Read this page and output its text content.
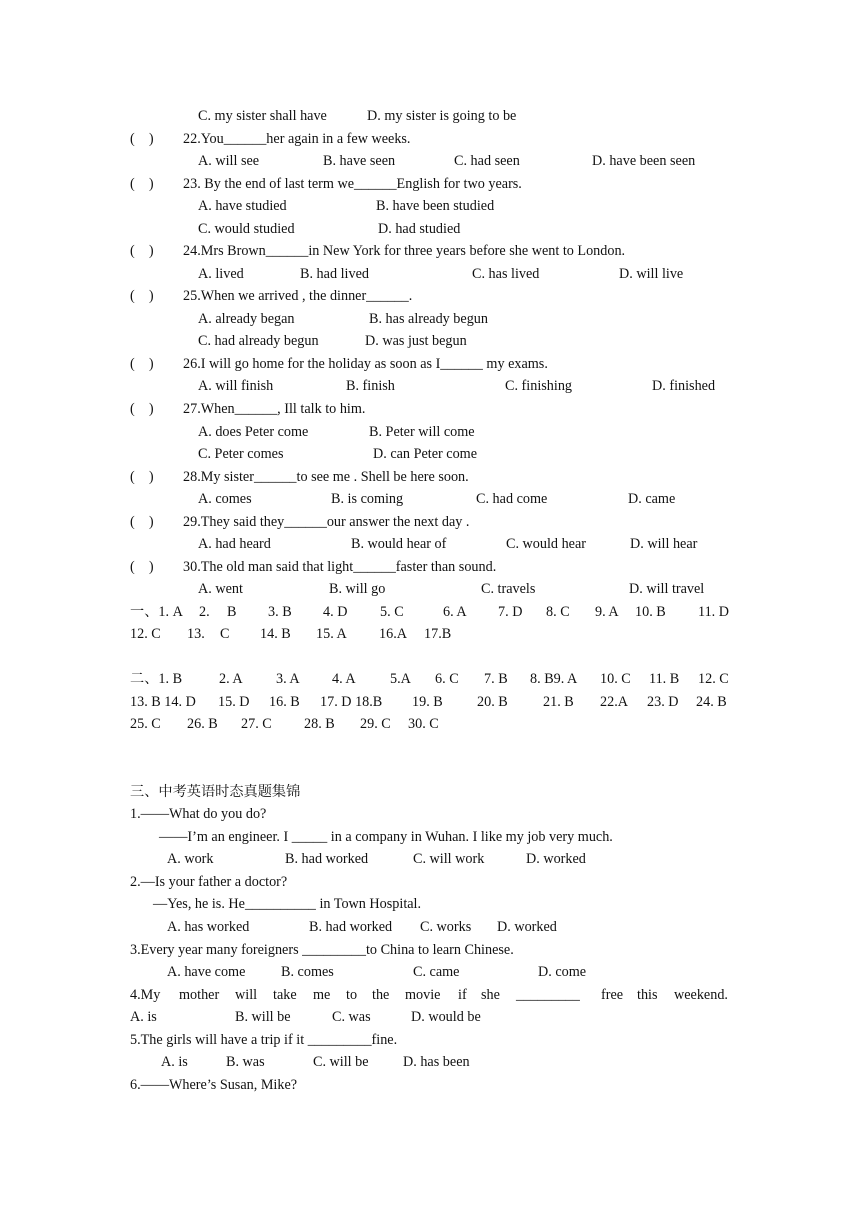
C. my sister shall have	D. my sister is going to be
(    ) 22.You______her again in a few weeks.
A. will see	B. have seen	C. had seen	D. have been seen
(    ) 23. By the end of last term we______English for two years.
A. have studied	B. have been studied
C. would studied	D. had studied
(    ) 24.Mrs Brown______in New York for three years before she went to London.
A. lived	B. had lived	C. has lived	D. will live
(    ) 25.When we arrived , the dinner______.
A. already began	B. has already begun
C. had already begun	D. was just begun
(    ) 26.I will go home for the holiday as soon as I______ my exams.
A. will finish	B. finish	C. finishing	D. finished
(    ) 27.When______, Ill talk to him.
A. does Peter come	B. Peter will come
C. Peter comes	D. can Peter come
(    ) 28.My sister______to see me . Shell be here soon.
A. comes	B. is coming	C. had come	D. came
(    ) 29.They said they______our answer the next day .
A. had heard	B. would hear of	C. would hear	D. will hear
(    ) 30.The old man said that light______faster than sound.
A. went	B. will go	C. travels	D. will travel
一、1. A 2. B 3. B 4. D 5. C	6. A 7. D 8. C 9. A 10. B 11. D
12. C 13. C 14. B 15. A 16.A 17.B
二、1. B	2. A 3. A 4. A 5.A 6. C 7. B 8. B9. A 10. C 11. B 12. C
13. B 14. D 15. D 16. B 17. D 18.B 19. B 20. B 21. B 22.A 23. D 24. B
25. C 26. B 27. C 28. B 29. C 30. C
三、中考英语时态真题集锦
1.——What do you do?
——I’m an engineer. I _____ in a company in Wuhan. I like my job very much.
A. work	B. had worked	C. will work	D. worked
2.—Is your father a doctor?
—Yes, he is. He__________ in Town Hospital.
A. has worked	B. had worked C. works D. worked
3.Every year many foreigners _________to China to learn Chinese.
A. have come	B. comes	C. came	D. come
4.My mother will take me to the movie if she _________ free this weekend.
A. is	B. will be	C. was	D. would be
5.The girls will have a trip if it _________fine.
A. is	B. was	C. will be D. has been
6.——Where’s Susan, Mike?
